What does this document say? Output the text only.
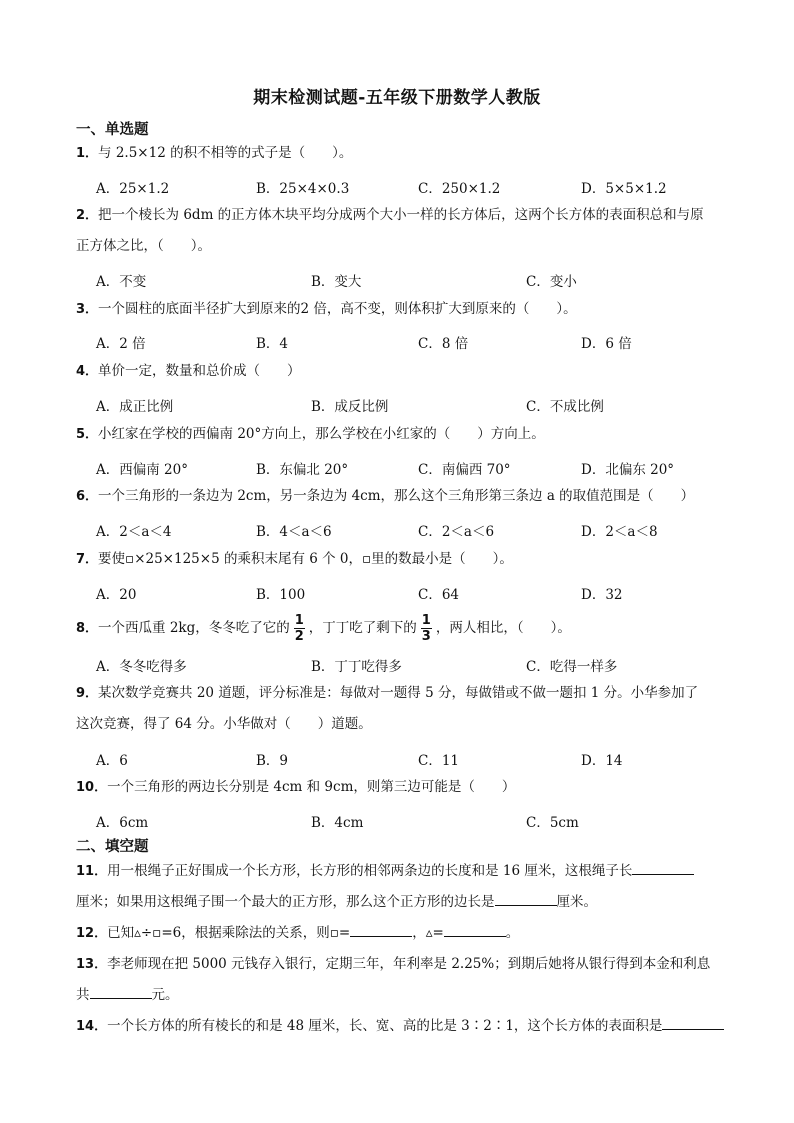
期末检测试题-五年级下册数学人教版
一、单选题
1．与 2.5×12 的积不相等的式子是（　　）。
A．25×1.2	B．25×4×0.3	C．250×1.2	D．5×5×1.2
2．把一个棱长为 6dm 的正方体木块平均分成两个大小一样的长方体后，这两个长方体的表面积总和与原
正方体之比，（　　）。
A．不变	B．变大	C．变小
3．一个圆柱的底面半径扩大到原来的2 倍，高不变，则体积扩大到原来的（　　）。
A．2 倍	B．4	C．8 倍	D．6 倍
4．单价一定，数量和总价成（　　）
A．成正比例	B．成反比例	C．不成比例
5．小红家在学校的西偏南 20°方向上，那么学校在小红家的（　　）方向上。
A．西偏南 20°	B．东偏北 20°	C．南偏西 70°	D．北偏东 20°
6．一个三角形的一条边为 2cm，另一条边为 4cm，那么这个三角形第三条边 a 的取值范围是（　　）
A．2＜a＜4	B．4＜a＜6	C．2＜a＜6	D．2＜a＜8
7．要使▫×25×125×5 的乘积末尾有 6 个 0，▫里的数最小是（　　）。
A．20	B．100	C．64	D．32
8．一个西瓜重 2kg，冬冬吃了它的 $\frac{1}{2}$ ，丁丁吃了剩下的 $\frac{1}{3}$ ，两人相比，（　　）。
A．冬冬吃得多	B．丁丁吃得多	C．吃得一样多
9．某次数学竞赛共 20 道题，评分标准是：每做对一题得 5 分，每做错或不做一题扣 1 分。小华参加了
这次竞赛，得了 64 分。小华做对（　　）道题。
A．6	B．9	C．11	D．14
10．一个三角形的两边长分别是 4cm 和 9cm，则第三边可能是（　　）
A．6cm	B．4cm	C．5cm
二、填空题
11．用一根绳子正好围成一个长方形，长方形的相邻两条边的长度和是 16 厘米，这根绳子长
厘米；如果用这根绳子围一个最大的正方形，那么这个正方形的边长是	厘米。
12．已知▵÷▫=6，根据乘除法的关系，则▫=	，▵=	。
13．李老师现在把 5000 元钱存入银行，定期三年，年利率是 2.25%；到期后她将从银行得到本金和利息
共	元。
14．一个长方体的所有棱长的和是 48 厘米，长、宽、高的比是 3∶2∶1，这个长方体的表面积是
